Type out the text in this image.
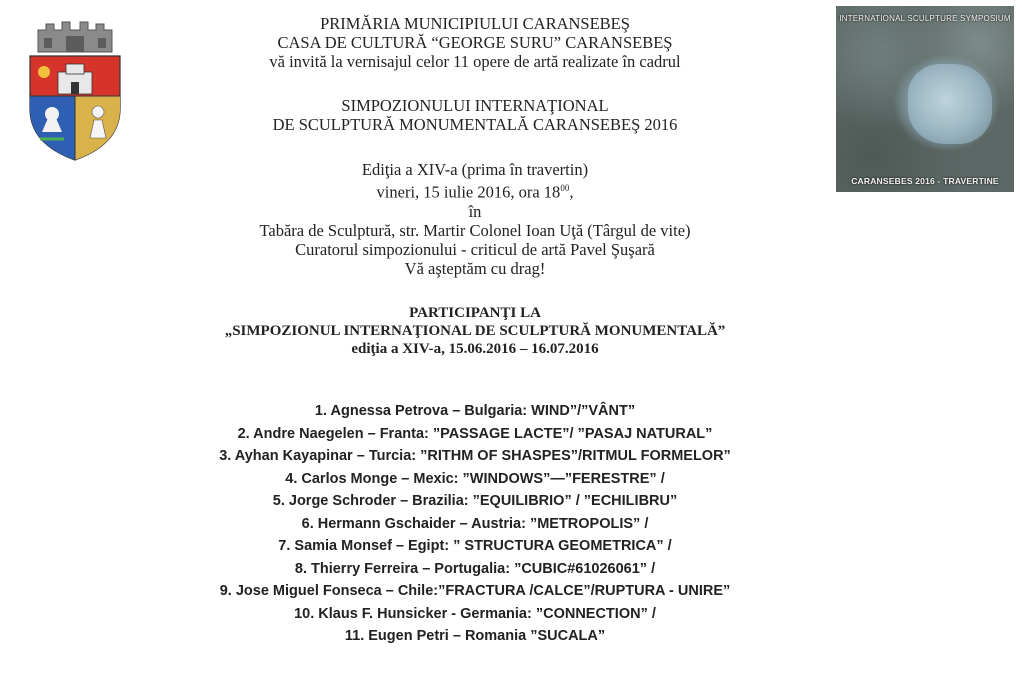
INTERNATIONAL SCULPTURE SYMPOSIUM
CARANSEBES 2016 - TRAVERTINE
PRIMĂRIA MUNICIPIULUI CARANSEBEŞ
CASA DE CULTURĂ “GEORGE SURU” CARANSEBEŞ
vă invită la vernisajul celor 11 opere de artă realizate în cadrul
SIMPOZIONULUI INTERNAŢIONAL
DE SCULPTURĂ MONUMENTALĂ CARANSEBEŞ 2016
Ediţia a XIV-a (prima în travertin)
vineri, 15 iulie 2016, ora $18^{00}$,
în
Tabăra de Sculptură, str. Martir Colonel Ioan Uţă (Târgul de vite)
Curatorul simpozionului - criticul de artă Pavel Şuşară
Vă aşteptăm cu drag!
PARTICIPANŢI LA
„SIMPOZIONUL INTERNAŢIONAL DE SCULPTURĂ MONUMENTALĂ”
ediţia a XIV-a, 15.06.2016 – 16.07.2016
1. Agnessa Petrova – Bulgaria: WIND”/”VÂNT”
2. Andre Naegelen – Franta: ”PASSAGE LACTE”/ ”PASAJ NATURAL”
3. Ayhan Kayapinar – Turcia: ”RITHM OF SHASPES”/RITMUL FORMELOR”
4. Carlos Monge – Mexic: ”WINDOWS”—”FERESTRE” /
5. Jorge Schroder – Brazilia: ”EQUILIBRIO” / ”ECHILIBRU”
6. Hermann Gschaider – Austria: ”METROPOLIS” /
7. Samia Monsef – Egipt: ” STRUCTURA GEOMETRICA” /
8. Thierry Ferreira – Portugalia: ”CUBIC#61026061” /
9. Jose Miguel Fonseca – Chile:”FRACTURA /CALCE”/RUPTURA - UNIRE”
10. Klaus F. Hunsicker - Germania: ”CONNECTION” /
11. Eugen Petri – Romania ”SUCALA”
